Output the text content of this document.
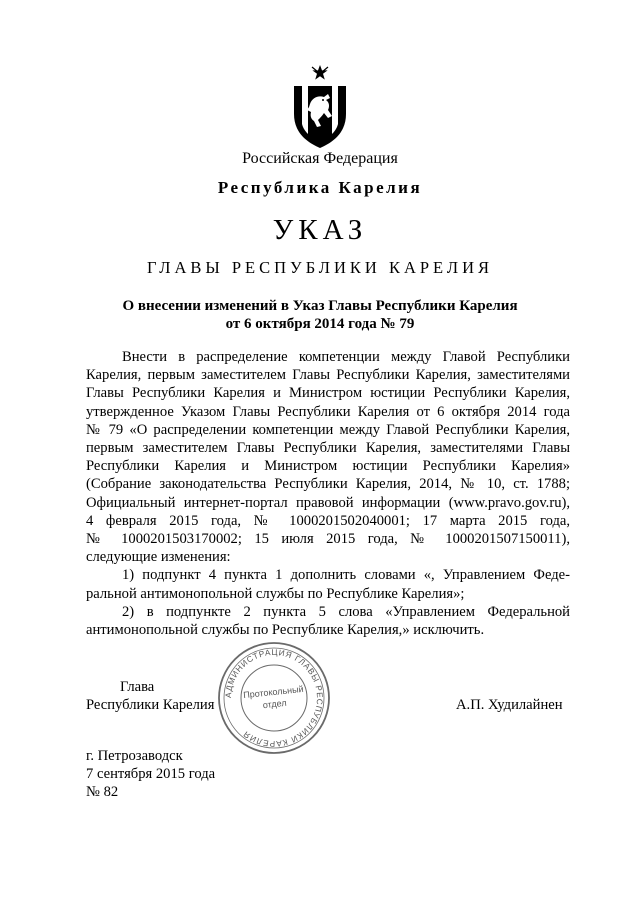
Российская Федерация
Республика Карелия
УКАЗ
ГЛАВЫ РЕСПУБЛИКИ КАРЕЛИЯ
О внесении изменений в Указ Главы Республики Карелия
от 6 октября 2014 года № 79
Внести в распределение компетенции между Главой Республики
Карелия, первым заместителем Главы Республики Карелия, заместителями
Главы Республики Карелия и Министром юстиции Республики Карелия,
утвержденное Указом Главы Республики Карелия от 6 октября 2014 года
№ 79 «О распределении компетенции между Главой Республики Карелия,
первым заместителем Главы Республики Карелия, заместителями Главы
Республики Карелия и Министром юстиции Республики Карелия»
(Собрание законодательства Республики Карелия, 2014, № 10, ст. 1788;
Официальный интернет-портал правовой информации (www.pravo.gov.ru),
4 февраля 2015 года, № 1000201502040001; 17 марта 2015 года,
№ 1000201503170002; 15 июля 2015 года, № 1000201507150011),
следующие изменения:
1) подпункт 4 пункта 1 дополнить словами «, Управлением Феде-
ральной антимонопольной службы по Республике Карелия»;
2) в подпункте 2 пункта 5 слова «Управлением Федеральной
антимонопольной службы по Республике Карелия,» исключить.
Глава
Республики Карелия	А.П. Худилайнен
АДМИНИСТРАЦИЯ ГЛАВЫ РЕСПУБЛИКИ КАРЕЛИЯ
Протокольный
отдел
г. Петрозаводск
7 сентября 2015 года
№ 82
